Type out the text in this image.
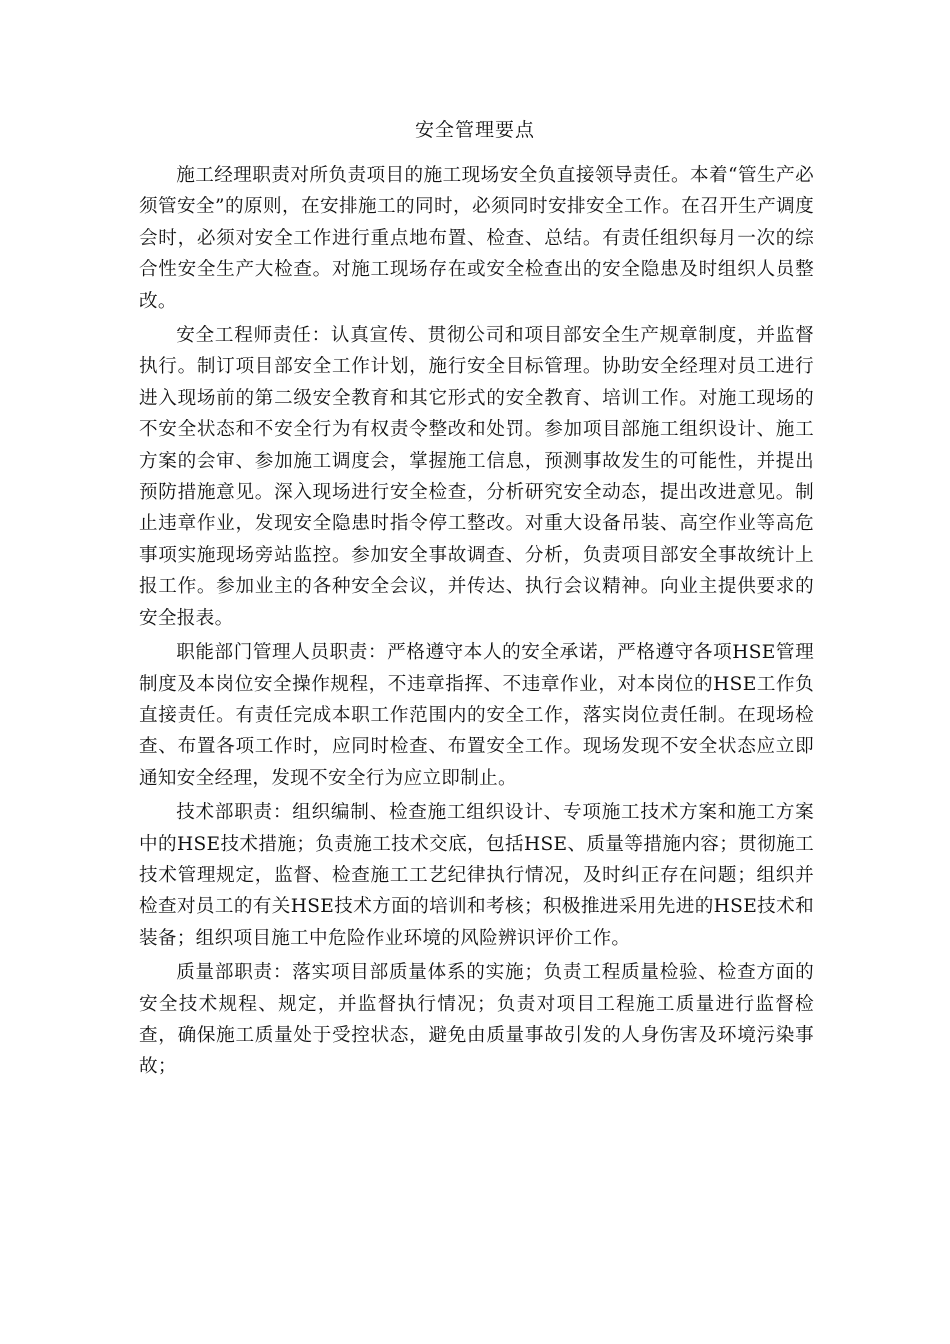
安全管理要点

施工经理职责对所负责项目的施工现场安全负直接领导责任。本着“管生产必须管安全”的原则，在安排施工的同时，必须同时安排安全工作。在召开生产调度会时，必须对安全工作进行重点地布置、检查、总结。有责任组织每月一次的综合性安全生产大检查。对施工现场存在或安全检查出的安全隐患及时组织人员整改。

安全工程师责任：认真宣传、贯彻公司和项目部安全生产规章制度，并监督执行。制订项目部安全工作计划，施行安全目标管理。协助安全经理对员工进行进入现场前的第二级安全教育和其它形式的安全教育、培训工作。对施工现场的不安全状态和不安全行为有权责令整改和处罚。参加项目部施工组织设计、施工方案的会审、参加施工调度会，掌握施工信息，预测事故发生的可能性，并提出预防措施意见。深入现场进行安全检查，分析研究安全动态，提出改进意见。制止违章作业，发现安全隐患时指令停工整改。对重大设备吊装、高空作业等高危事项实施现场旁站监控。参加安全事故调查、分析，负责项目部安全事故统计上报工作。参加业主的各种安全会议，并传达、执行会议精神。向业主提供要求的安全报表。

职能部门管理人员职责：严格遵守本人的安全承诺，严格遵守各项HSE管理制度及本岗位安全操作规程，不违章指挥、不违章作业，对本岗位的HSE工作负直接责任。有责任完成本职工作范围内的安全工作，落实岗位责任制。在现场检查、布置各项工作时，应同时检查、布置安全工作。现场发现不安全状态应立即通知安全经理，发现不安全行为应立即制止。

技术部职责：组织编制、检查施工组织设计、专项施工技术方案和施工方案中的HSE技术措施；负责施工技术交底，包括HSE、质量等措施内容；贯彻施工技术管理规定，监督、检查施工工艺纪律执行情况，及时纠正存在问题；组织并检查对员工的有关HSE技术方面的培训和考核；积极推进采用先进的HSE技术和装备；组织项目施工中危险作业环境的风险辨识评价工作。

质量部职责：落实项目部质量体系的实施；负责工程质量检验、检查方面的安全技术规程、规定，并监督执行情况；负责对项目工程施工质量进行监督检查，确保施工质量处于受控状态，避免由质量事故引发的人身伤害及环境污染事故；
